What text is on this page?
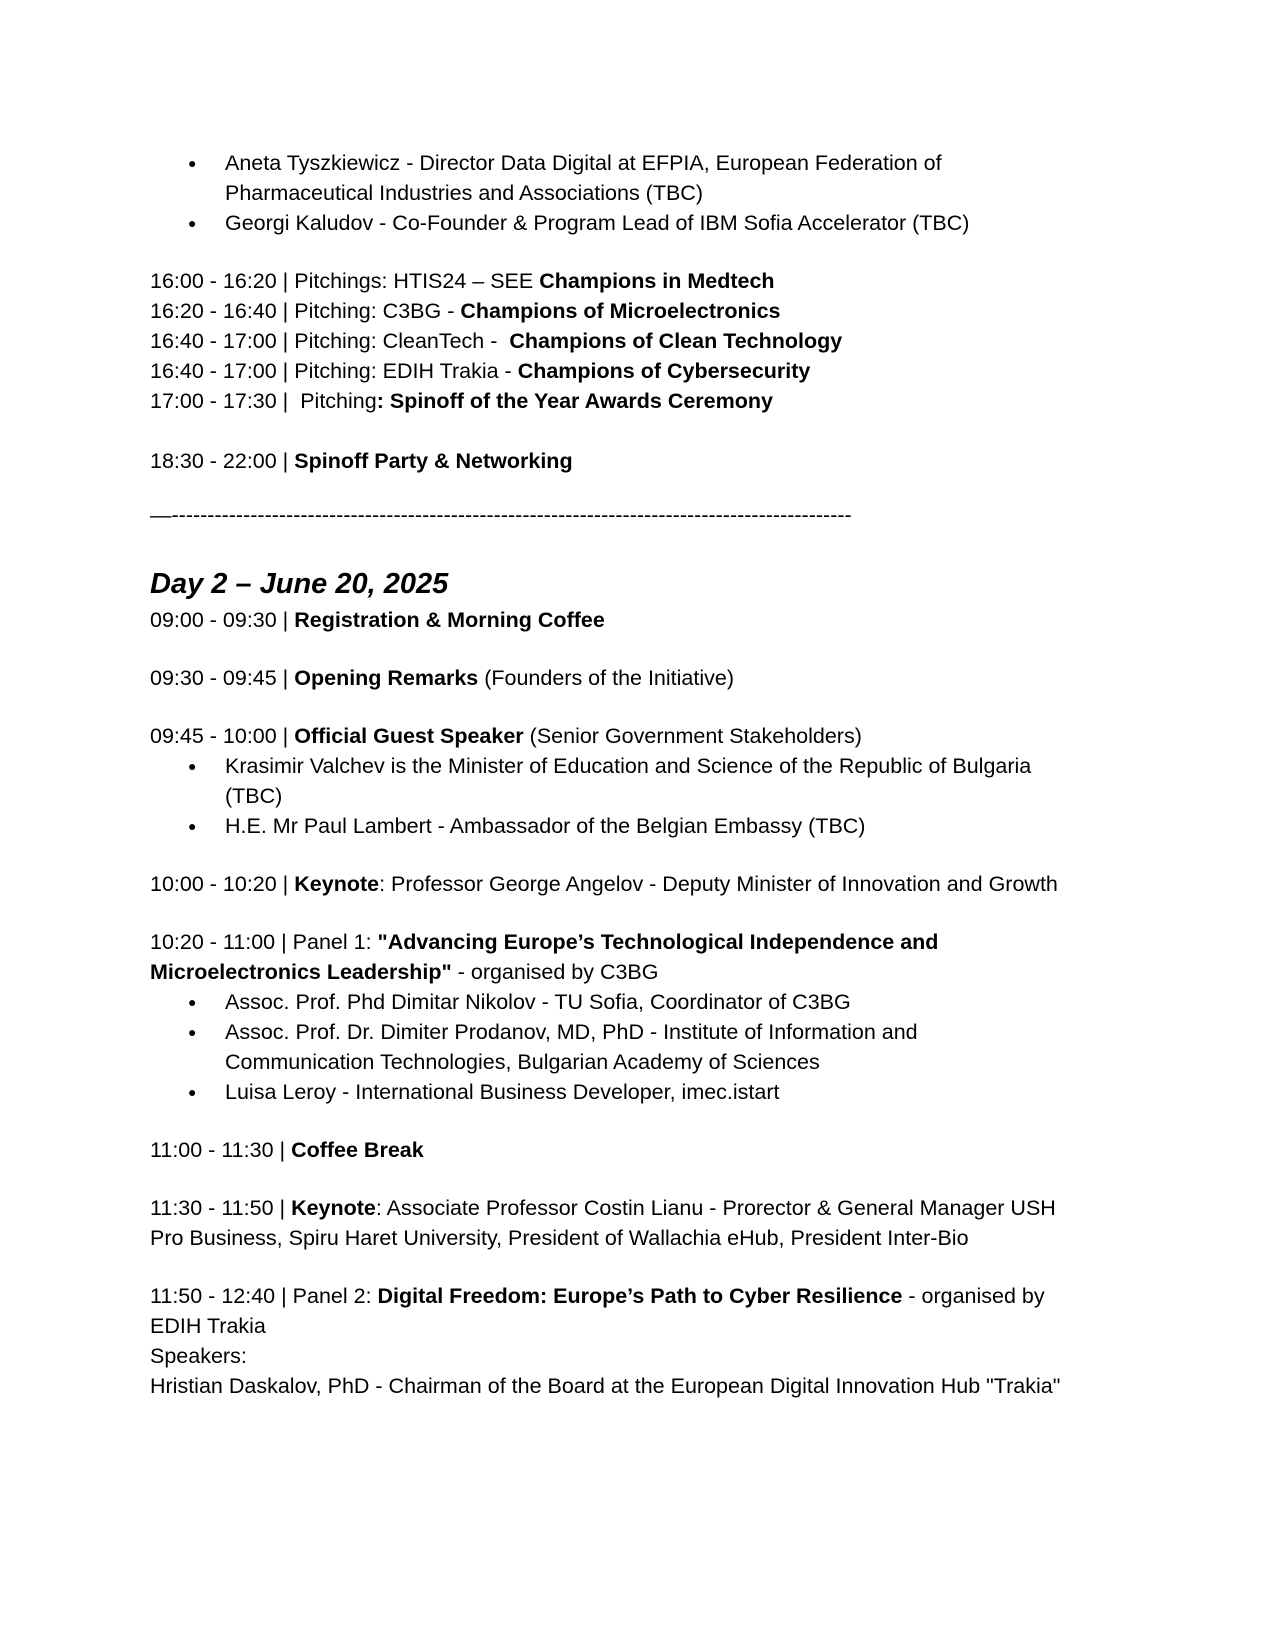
● Aneta Tyszkiewicz - Director Data Digital at EFPIA, European Federation of
Pharmaceutical Industries and Associations (TBC)
● Georgi Kaludov - Co-Founder & Program Lead of IBM Sofia Accelerator (TBC)
16:00 - 16:20 | Pitchings: HTIS24 – SEE Champions in Medtech
16:20 - 16:40 | Pitching: C3BG - Champions of Microelectronics
16:40 - 17:00 | Pitching: CleanTech -  Champions of Clean Technology
16:40 - 17:00 | Pitching: EDIH Trakia - Champions of Cybersecurity
17:00 - 17:30 |  Pitching: Spinoff of the Year Awards Ceremony
18:30 - 22:00 | Spinoff Party & Networking
—-----------------------------------------------------------------------------------------------
Day 2 – June 20, 2025
09:00 - 09:30 | Registration & Morning Coffee
09:30 - 09:45 | Opening Remarks (Founders of the Initiative)
09:45 - 10:00 | Official Guest Speaker (Senior Government Stakeholders)
● Krasimir Valchev is the Minister of Education and Science of the Republic of Bulgaria
(TBC)
● H.E. Mr Paul Lambert - Ambassador of the Belgian Embassy (TBC)
10:00 - 10:20 | Keynote: Professor George Angelov - Deputy Minister of Innovation and Growth
10:20 - 11:00 | Panel 1: "Advancing Europe’s Technological Independence and
Microelectronics Leadership" - organised by C3BG
● Assoc. Prof. Phd Dimitar Nikolov - TU Sofia, Coordinator of C3BG
● Assoc. Prof. Dr. Dimiter Prodanov, MD, PhD - Institute of Information and
Communication Technologies, Bulgarian Academy of Sciences
● Luisa Leroy - International Business Developer, imec.istart
11:00 - 11:30 | Coffee Break
11:30 - 11:50 | Keynote: Associate Professor Costin Lianu - Prorector & General Manager USH
Pro Business, Spiru Haret University, President of Wallachia eHub, President Inter-Bio
11:50 - 12:40 | Panel 2: Digital Freedom: Europe’s Path to Cyber Resilience - organised by
EDIH Trakia
Speakers:
Hristian Daskalov, PhD - Chairman of the Board at the European Digital Innovation Hub "Trakia"
